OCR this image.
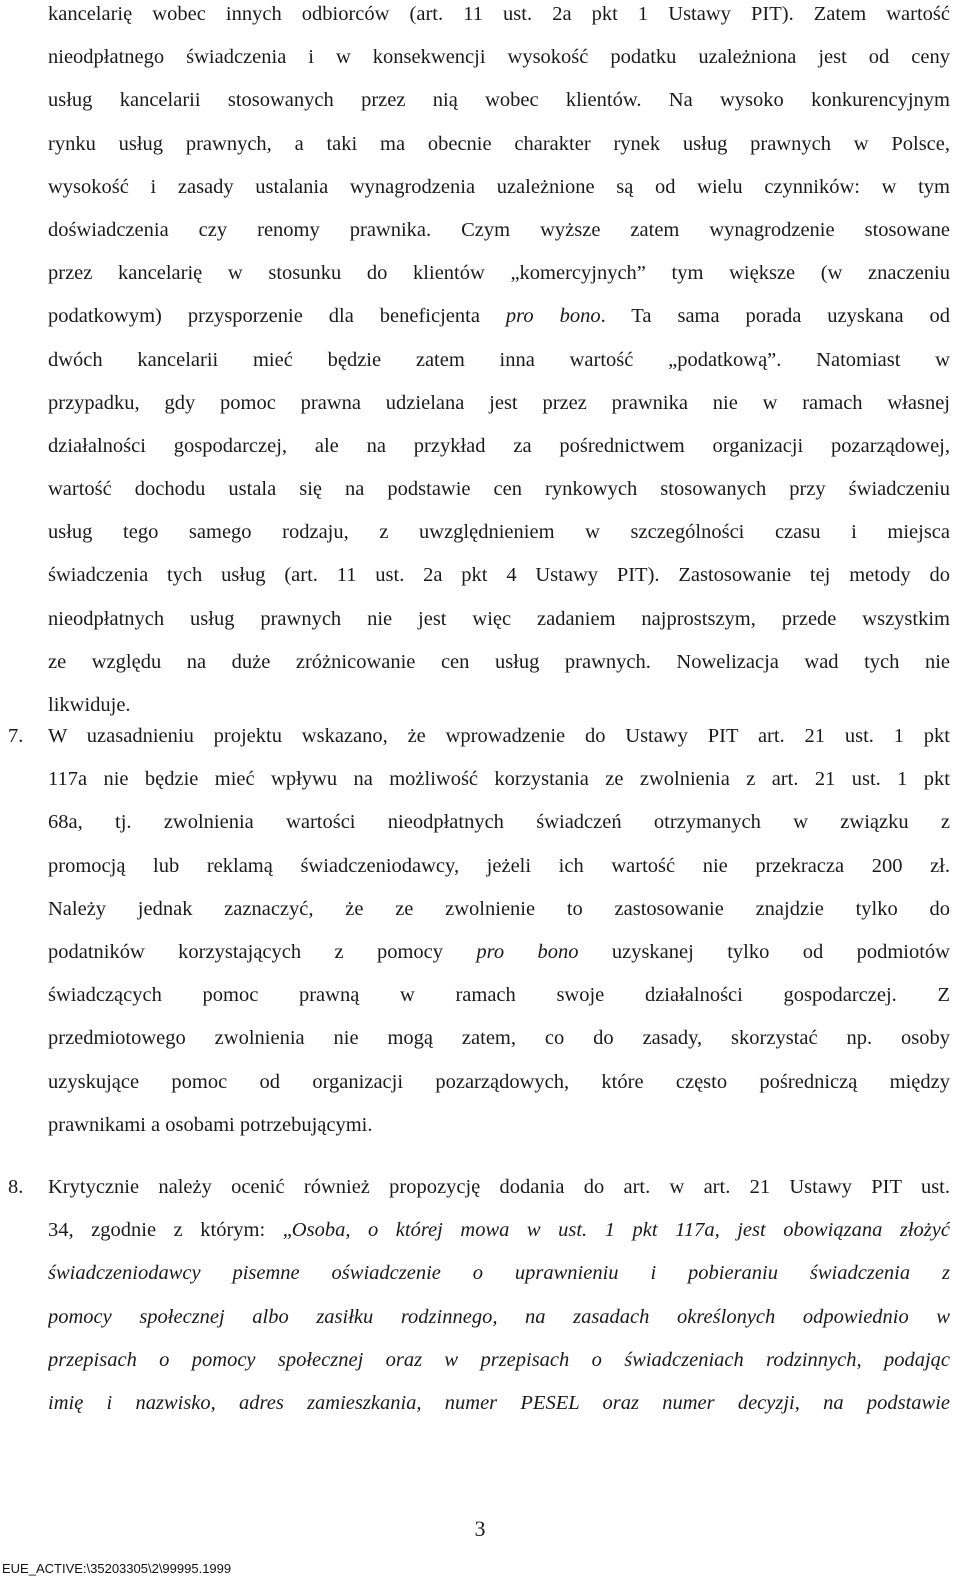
kancelarię wobec innych odbiorców (art. 11 ust. 2a pkt 1 Ustawy PIT). Zatem wartość
nieodpłatnego świadczenia i w konsekwencji wysokość podatku uzależniona jest od ceny
usług kancelarii stosowanych przez nią wobec klientów. Na wysoko konkurencyjnym
rynku usług prawnych, a taki ma obecnie charakter rynek usług prawnych w Polsce,
wysokość i zasady ustalania wynagrodzenia uzależnione są od wielu czynników: w tym
doświadczenia czy renomy prawnika. Czym wyższe zatem wynagrodzenie stosowane
przez kancelarię w stosunku do klientów „komercyjnych” tym większe (w znaczeniu
podatkowym) przysporzenie dla beneficjenta pro bono. Ta sama porada uzyskana od
dwóch kancelarii mieć będzie zatem inna wartość „podatkową”. Natomiast w
przypadku, gdy pomoc prawna udzielana jest przez prawnika nie w ramach własnej
działalności gospodarczej, ale na przykład za pośrednictwem organizacji pozarządowej,
wartość dochodu ustala się na podstawie cen rynkowych stosowanych przy świadczeniu
usług tego samego rodzaju, z uwzględnieniem w szczególności czasu i miejsca
świadczenia tych usług (art. 11 ust. 2a pkt 4 Ustawy PIT). Zastosowanie tej metody do
nieodpłatnych usług prawnych nie jest więc zadaniem najprostszym, przede wszystkim
ze względu na duże zróżnicowanie cen usług prawnych. Nowelizacja wad tych nie
likwiduje.
7. W uzasadnieniu projektu wskazano, że wprowadzenie do Ustawy PIT art. 21 ust. 1 pkt
117a nie będzie mieć wpływu na możliwość korzystania ze zwolnienia z art. 21 ust. 1 pkt
68a, tj. zwolnienia wartości nieodpłatnych świadczeń otrzymanych w związku z
promocją lub reklamą świadczeniodawcy, jeżeli ich wartość nie przekracza 200 zł.
Należy jednak zaznaczyć, że ze zwolnienie to zastosowanie znajdzie tylko do
podatników korzystających z pomocy pro bono uzyskanej tylko od podmiotów
świadczących pomoc prawną w ramach swoje działalności gospodarczej. Z
przedmiotowego zwolnienia nie mogą zatem, co do zasady, skorzystać np. osoby
uzyskujące pomoc od organizacji pozarządowych, które często pośredniczą między
prawnikami a osobami potrzebującymi.
8. Krytycznie należy ocenić również propozycję dodania do art. w art. 21 Ustawy PIT ust.
34, zgodnie z którym: „Osoba, o której mowa w ust. 1 pkt 117a, jest obowiązana złożyć
świadczeniodawcy pisemne oświadczenie o uprawnieniu i pobieraniu świadczenia z
pomocy społecznej albo zasiłku rodzinnego, na zasadach określonych odpowiednio w
przepisach o pomocy społecznej oraz w przepisach o świadczeniach rodzinnych, podając
imię i nazwisko, adres zamieszkania, numer PESEL oraz numer decyzji, na podstawie
3
EUE_ACTIVE:\35203305\2\99995.1999
